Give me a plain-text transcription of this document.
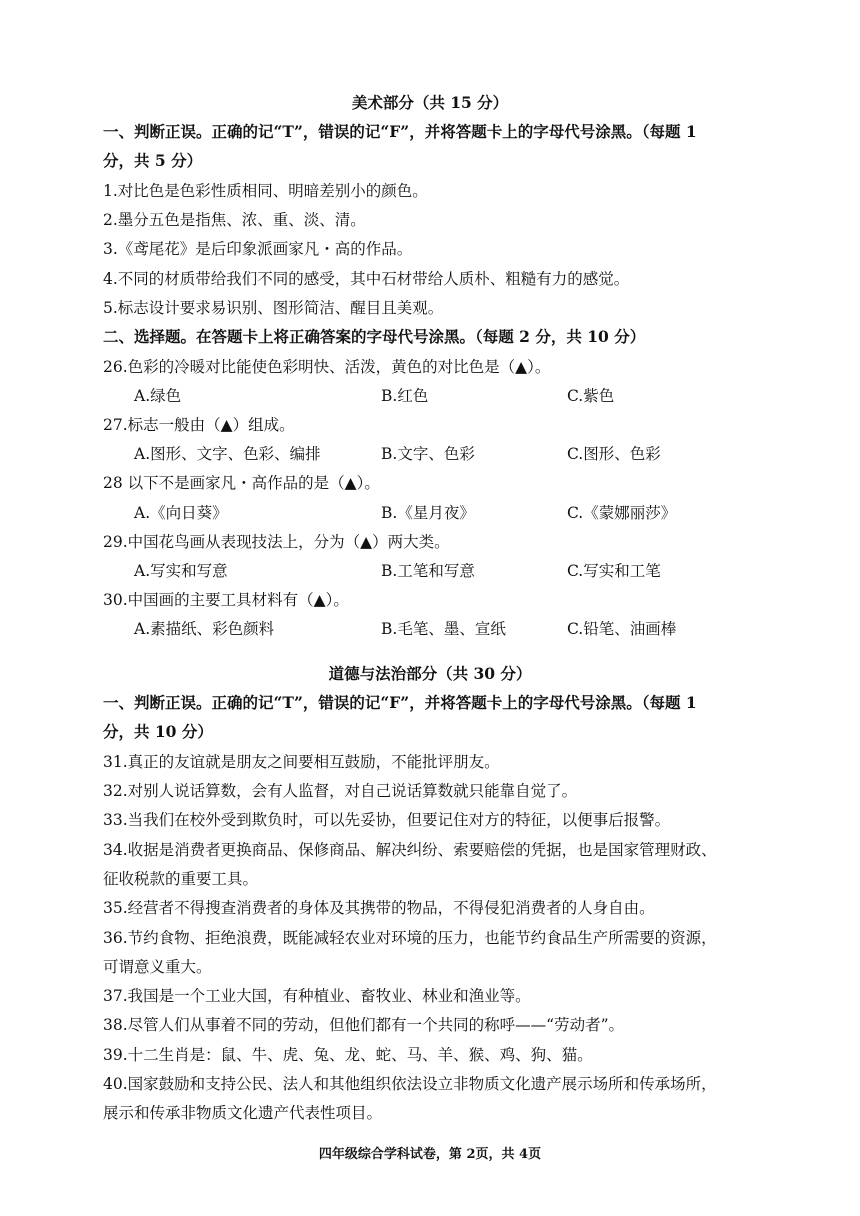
美术部分（共 15 分）
一、判断正误。正确的记“T”，错误的记“F”，并将答题卡上的字母代号涂黑。（每题 1
分，共 5 分）
1.对比色是色彩性质相同、明暗差别小的颜色。
2.墨分五色是指焦、浓、重、淡、清。
3.《鸢尾花》是后印象派画家凡・高的作品。
4.不同的材质带给我们不同的感受，其中石材带给人质朴、粗糙有力的感觉。
5.标志设计要求易识别、图形简洁、醒目且美观。
二、选择题。在答题卡上将正确答案的字母代号涂黑。（每题 2 分，共 10 分）
26.色彩的冷暖对比能使色彩明快、活泼，黄色的对比色是（▲）。
A.绿色	B.红色	C.紫色
27.标志一般由（▲）组成。
A.图形、文字、色彩、编排	B.文字、色彩	C.图形、色彩
28 以下不是画家凡・高作品的是（▲）。
A.《向日葵》	B.《星月夜》	C.《蒙娜丽莎》
29.中国花鸟画从表现技法上，分为（▲）两大类。
A.写实和写意	B.工笔和写意	C.写实和工笔
30.中国画的主要工具材料有（▲）。
A.素描纸、彩色颜料	B.毛笔、墨、宣纸	C.铅笔、油画棒
道德与法治部分（共 30 分）
一、判断正误。正确的记“T”，错误的记“F”，并将答题卡上的字母代号涂黑。（每题 1
分，共 10 分）
31.真正的友谊就是朋友之间要相互鼓励，不能批评朋友。
32.对别人说话算数，会有人监督，对自己说话算数就只能靠自觉了。
33.当我们在校外受到欺负时，可以先妥协，但要记住对方的特征，以便事后报警。
34.收据是消费者更换商品、保修商品、解决纠纷、索要赔偿的凭据，也是国家管理财政、
征收税款的重要工具。
35.经营者不得搜查消费者的身体及其携带的物品，不得侵犯消费者的人身自由。
36.节约食物、拒绝浪费，既能减轻农业对环境的压力，也能节约食品生产所需要的资源，
可谓意义重大。
37.我国是一个工业大国，有种植业、畜牧业、林业和渔业等。
38.尽管人们从事着不同的劳动，但他们都有一个共同的称呼——“劳动者”。
39.十二生肖是：鼠、牛、虎、兔、龙、蛇、马、羊、猴、鸡、狗、猫。
40.国家鼓励和支持公民、法人和其他组织依法设立非物质文化遗产展示场所和传承场所，
展示和传承非物质文化遗产代表性项目。
四年级综合学科试卷，第 2页，共 4页
